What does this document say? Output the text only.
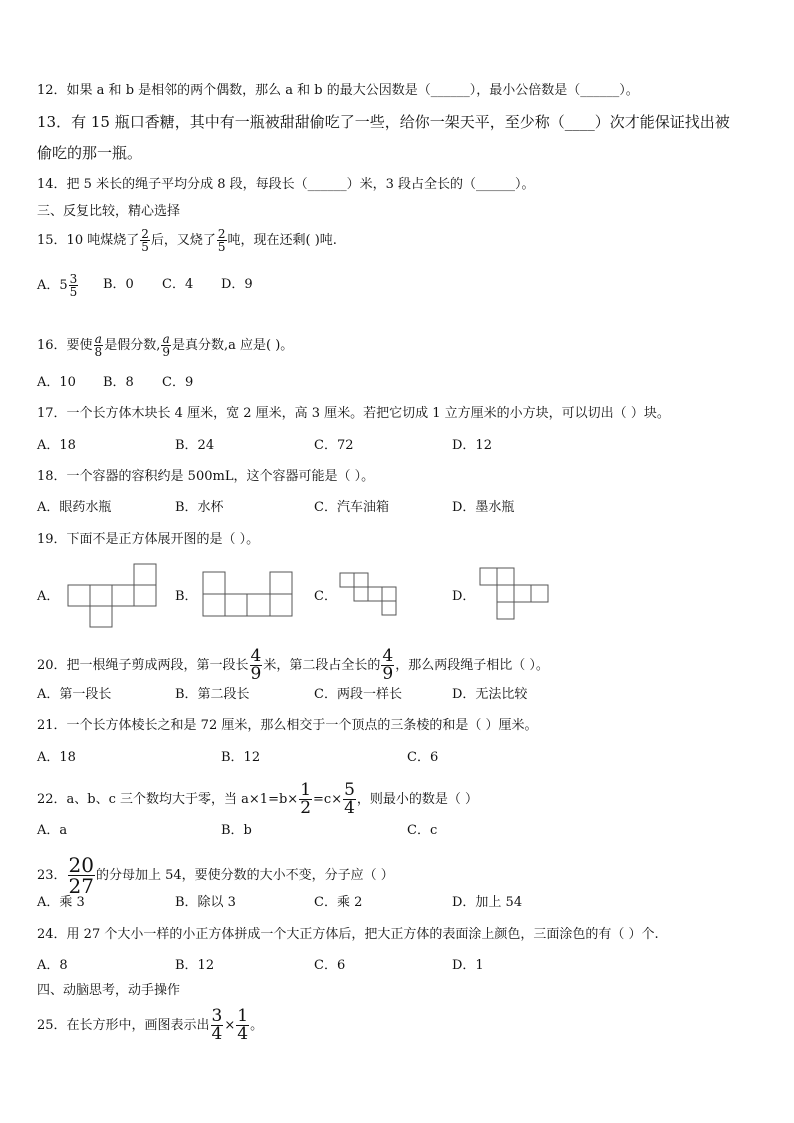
12．如果 a 和 b 是相邻的两个偶数，那么 a 和 b 的最大公因数是（______），最小公倍数是（______）。
13．有 15 瓶口香糖，其中有一瓶被甜甜偷吃了一些，给你一架天平，至少称（____）次才能保证找出被
偷吃的那一瓶。
14．把 5 米长的绳子平均分成 8 段，每段长（______）米，3 段占全长的（______）。
三、反复比较，精心选择
15．10 吨煤烧了 $\frac{2}{5}$ 后，又烧了 $\frac{2}{5}$ 吨，现在还剩( )吨.
A．$5 \frac{3}{5}$ B．0 C．4 D．9
16．要使 $\frac{a}{8}$ 是假分数, $\frac{a}{9}$ 是真分数,a 应是( )。
A．10 B．8 C．9
17．一个长方体木块长 4 厘米，宽 2 厘米，高 3 厘米。若把它切成 1 立方厘米的小方块，可以切出（ ）块。
A．18	B．24	C．72	D．12
18．一个容器的容积约是 500mL，这个容器可能是（ ）。
A．眼药水瓶	B．水杯	C．汽车油箱	D．墨水瓶
19．下面不是正方体展开图的是（ ）。
A．	B．	C．	D．
20．把一根绳子剪成两段，第一段长 $\frac{4}{9}$ 米，第二段占全长的 $\frac{4}{9}$ ，那么两段绳子相比（ ）。
A．第一段长	B．第二段长	C．两段一样长	D．无法比较
21．一个长方体棱长之和是 72 厘米，那么相交于一个顶点的三条棱的和是（ ）厘米。
A．18	B．12	C．6
22．a、b、c 三个数均大于零，当 $a\times 1=b\times \frac{1}{2} =c\times \frac{5}{4}$ ，则最小的数是（ ）
A．a	B．b	C．c
23． $\frac{20}{27}$ 的分母加上 54，要使分数的大小不变，分子应（ ）
A．乘 3	B．除以 3	C．乘 2	D．加上 54
24．用 27 个大小一样的小正方体拼成一个大正方体后，把大正方体的表面涂上颜色，三面涂色的有（ ）个.
A．8	B．12	C．6	D．1
四、动脑思考，动手操作
25．在长方形中，画图表示出 $\frac{3}{4} \times \frac{1}{4}$ 。
